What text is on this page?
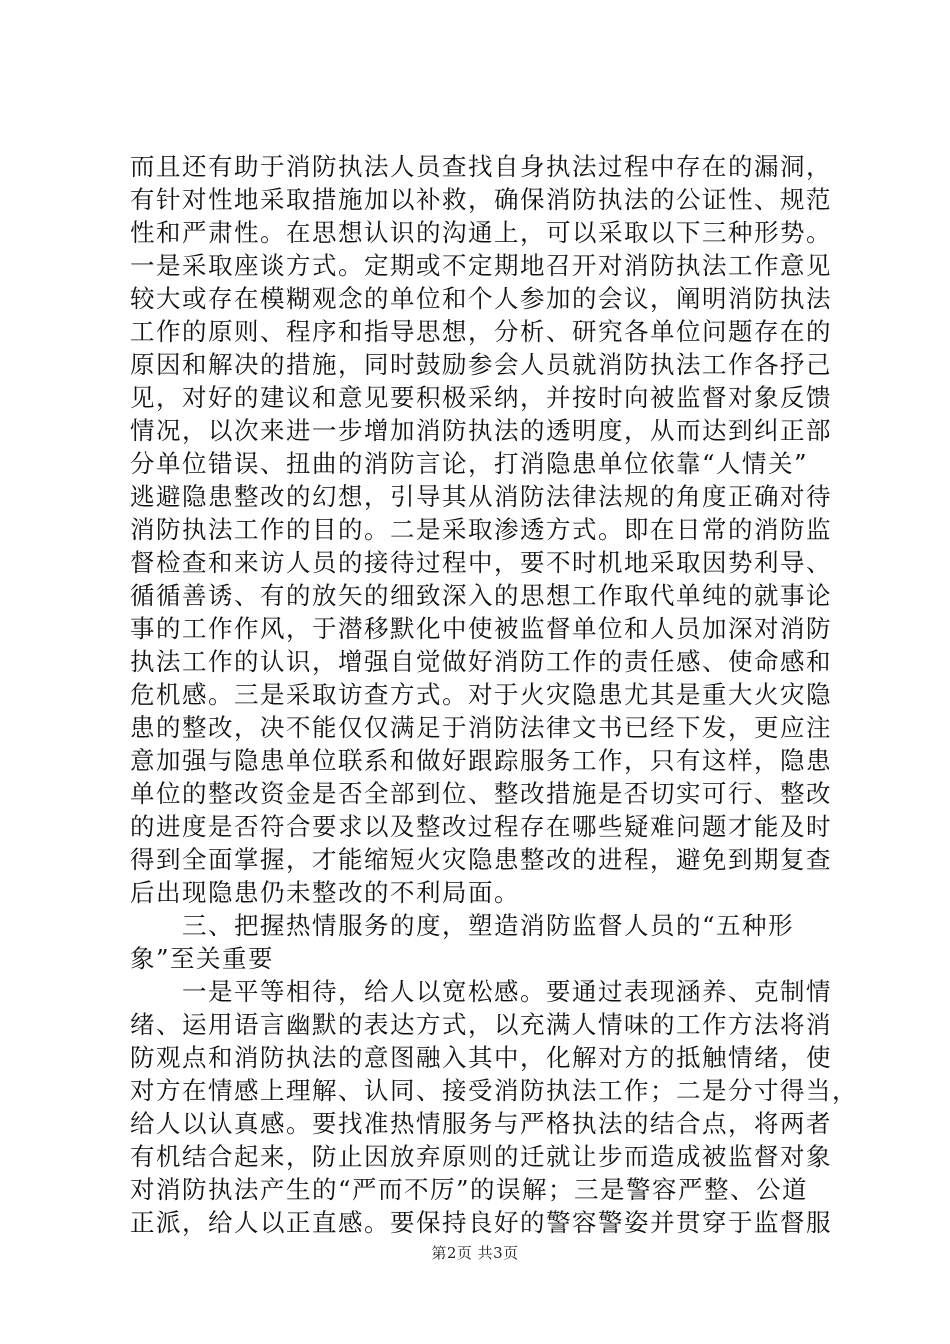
而且还有助于消防执法人员查找自身执法过程中存在的漏洞，
有针对性地采取措施加以补救，确保消防执法的公证性、规范
性和严肃性。在思想认识的沟通上，可以采取以下三种形势。
一是采取座谈方式。定期或不定期地召开对消防执法工作意见
较大或存在模糊观念的单位和个人参加的会议，阐明消防执法
工作的原则、程序和指导思想，分析、研究各单位问题存在的
原因和解决的措施，同时鼓励参会人员就消防执法工作各抒己
见，对好的建议和意见要积极采纳，并按时向被监督对象反馈
情况，以次来进一步增加消防执法的透明度，从而达到纠正部
分单位错误、扭曲的消防言论，打消隐患单位依靠“人情关”
逃避隐患整改的幻想，引导其从消防法律法规的角度正确对待
消防执法工作的目的。二是采取渗透方式。即在日常的消防监
督检查和来访人员的接待过程中，要不时机地采取因势利导、
循循善诱、有的放矢的细致深入的思想工作取代单纯的就事论
事的工作作风，于潜移默化中使被监督单位和人员加深对消防
执法工作的认识，增强自觉做好消防工作的责任感、使命感和
危机感。三是采取访查方式。对于火灾隐患尤其是重大火灾隐
患的整改，决不能仅仅满足于消防法律文书已经下发，更应注
意加强与隐患单位联系和做好跟踪服务工作，只有这样，隐患
单位的整改资金是否全部到位、整改措施是否切实可行、整改
的进度是否符合要求以及整改过程存在哪些疑难问题才能及时
得到全面掌握，才能缩短火灾隐患整改的进程，避免到期复查
后出现隐患仍未整改的不利局面。
三、把握热情服务的度，塑造消防监督人员的“五种形
象”至关重要
一是平等相待，给人以宽松感。要通过表现涵养、克制情
绪、运用语言幽默的表达方式，以充满人情味的工作方法将消
防观点和消防执法的意图融入其中，化解对方的抵触情绪，使
对方在情感上理解、认同、接受消防执法工作；二是分寸得当，
给人以认真感。要找准热情服务与严格执法的结合点，将两者
有机结合起来，防止因放弃原则的迁就让步而造成被监督对象
对消防执法产生的“严而不厉”的误解；三是警容严整、公道
正派，给人以正直感。要保持良好的警容警姿并贯穿于监督服
第2页 共3页
